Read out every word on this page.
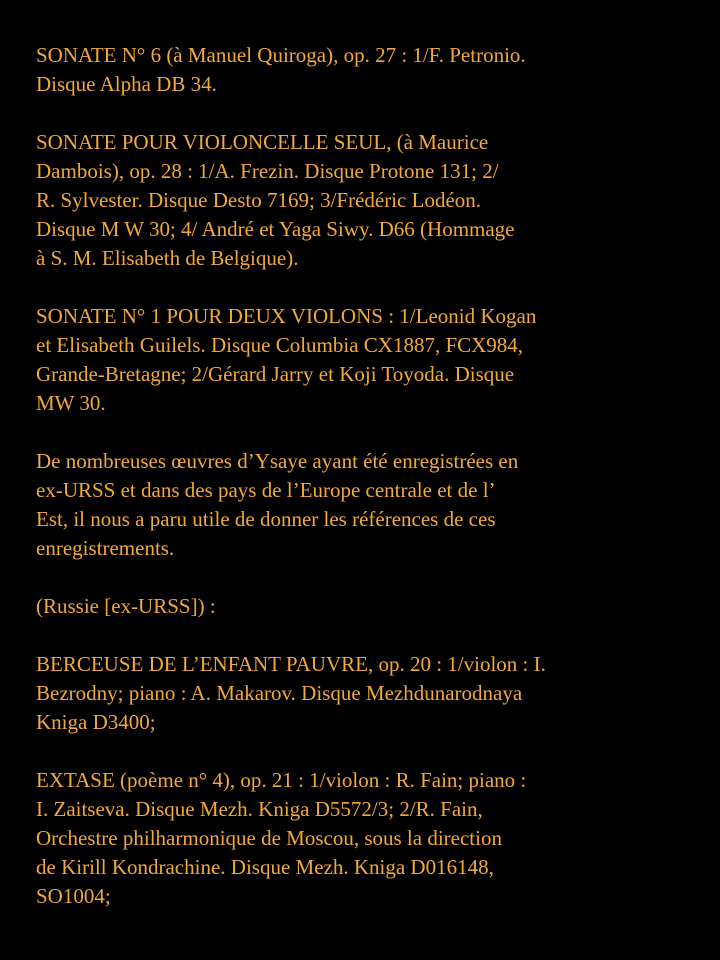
SONATE N° 6 (à Manuel Quiroga), op. 27 : 1/F. Petronio.
Disque Alpha DB 34.

SONATE POUR VIOLONCELLE SEUL, (à Maurice
Dambois), op. 28 : 1/A. Frezin. Disque Protone 131; 2/
R. Sylvester. Disque Desto 7169; 3/Frédéric Lodéon.
Disque M W 30; 4/ André et Yaga Siwy. D66 (Hommage
à S. M. Elisabeth de Belgique).

SONATE N° 1 POUR DEUX VIOLONS : 1/Leonid Kogan
et Elisabeth Guilels. Disque Columbia CX1887, FCX984,
Grande-Bretagne; 2/Gérard Jarry et Koji Toyoda. Disque
MW 30.

De nombreuses œuvres d’Ysaye ayant été enregistrées en
ex-URSS et dans des pays de l’Europe centrale et de l’
Est, il nous a paru utile de donner les références de ces
enregistrements.

(Russie [ex-URSS]) :

BERCEUSE DE L’ENFANT PAUVRE, op. 20 : 1/violon : I.
Bezrodny; piano : A. Makarov. Disque Mezhdunarodnaya
Kniga D3400;

EXTASE (poème n° 4), op. 21 : 1/violon : R. Fain; piano :
I. Zaitseva. Disque Mezh. Kniga D5572/3; 2/R. Fain,
Orchestre philharmonique de Moscou, sous la direction
de Kirill Kondrachine. Disque Mezh. Kniga D016148,
SO1004;
